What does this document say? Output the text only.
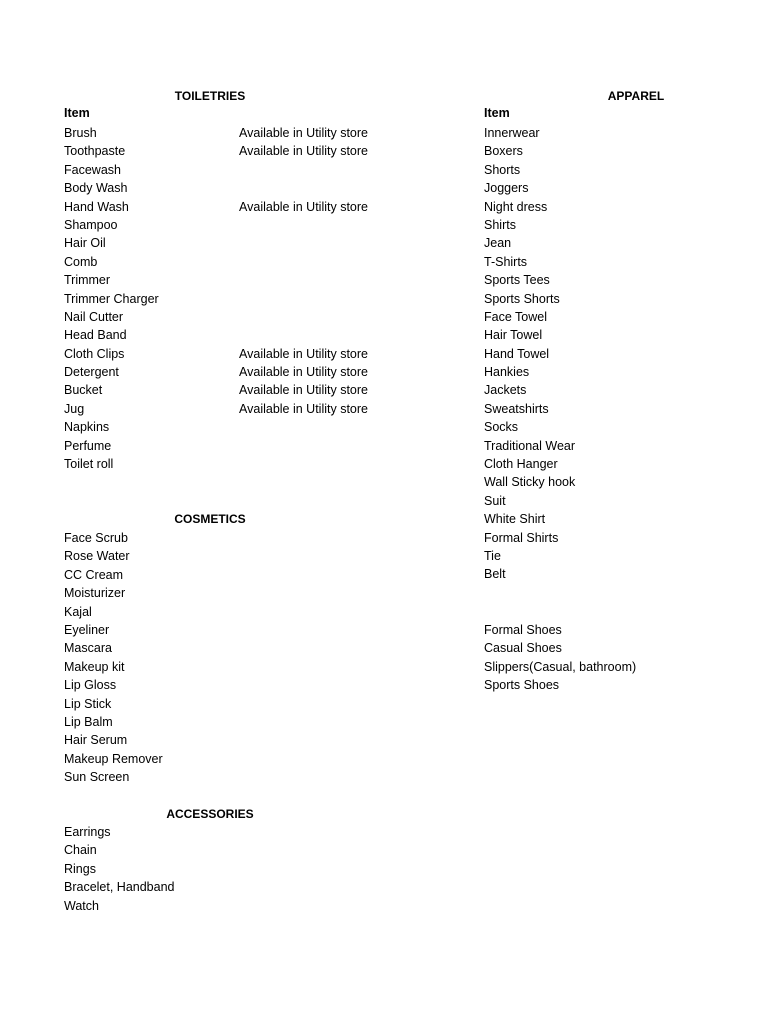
TOILETRIES
Item
Brush
Toothpaste
Facewash
Body Wash
Hand Wash
Shampoo
Hair Oil
Comb
Trimmer
Trimmer Charger
Nail Cutter
Head Band
Cloth Clips
Detergent
Bucket
Jug
Napkins
Perfume
Toilet roll
Available in Utility store
Available in Utility store
Available in Utility store
Available in Utility store
Available in Utility store
Available in Utility store
Available in Utility store
COSMETICS
Face Scrub
Rose Water
CC Cream
Moisturizer
Kajal
Eyeliner
Mascara
Makeup kit
Lip Gloss
Lip Stick
Lip Balm
Hair Serum
Makeup Remover
Sun Screen
ACCESSORIES
Earrings
Chain
Rings
Bracelet, Handband
Watch
APPAREL
Item
Innerwear
Boxers
Shorts
Joggers
Night dress
Shirts
Jean
T-Shirts
Sports Tees
Sports Shorts
Face Towel
Hair Towel
Hand Towel
Hankies
Jackets
Sweatshirts
Socks
Traditional Wear
Cloth Hanger
Wall Sticky hook
Suit
White Shirt
Formal Shirts
Tie
Belt
Formal Shoes
Casual Shoes
Slippers(Casual, bathroom)
Sports Shoes
